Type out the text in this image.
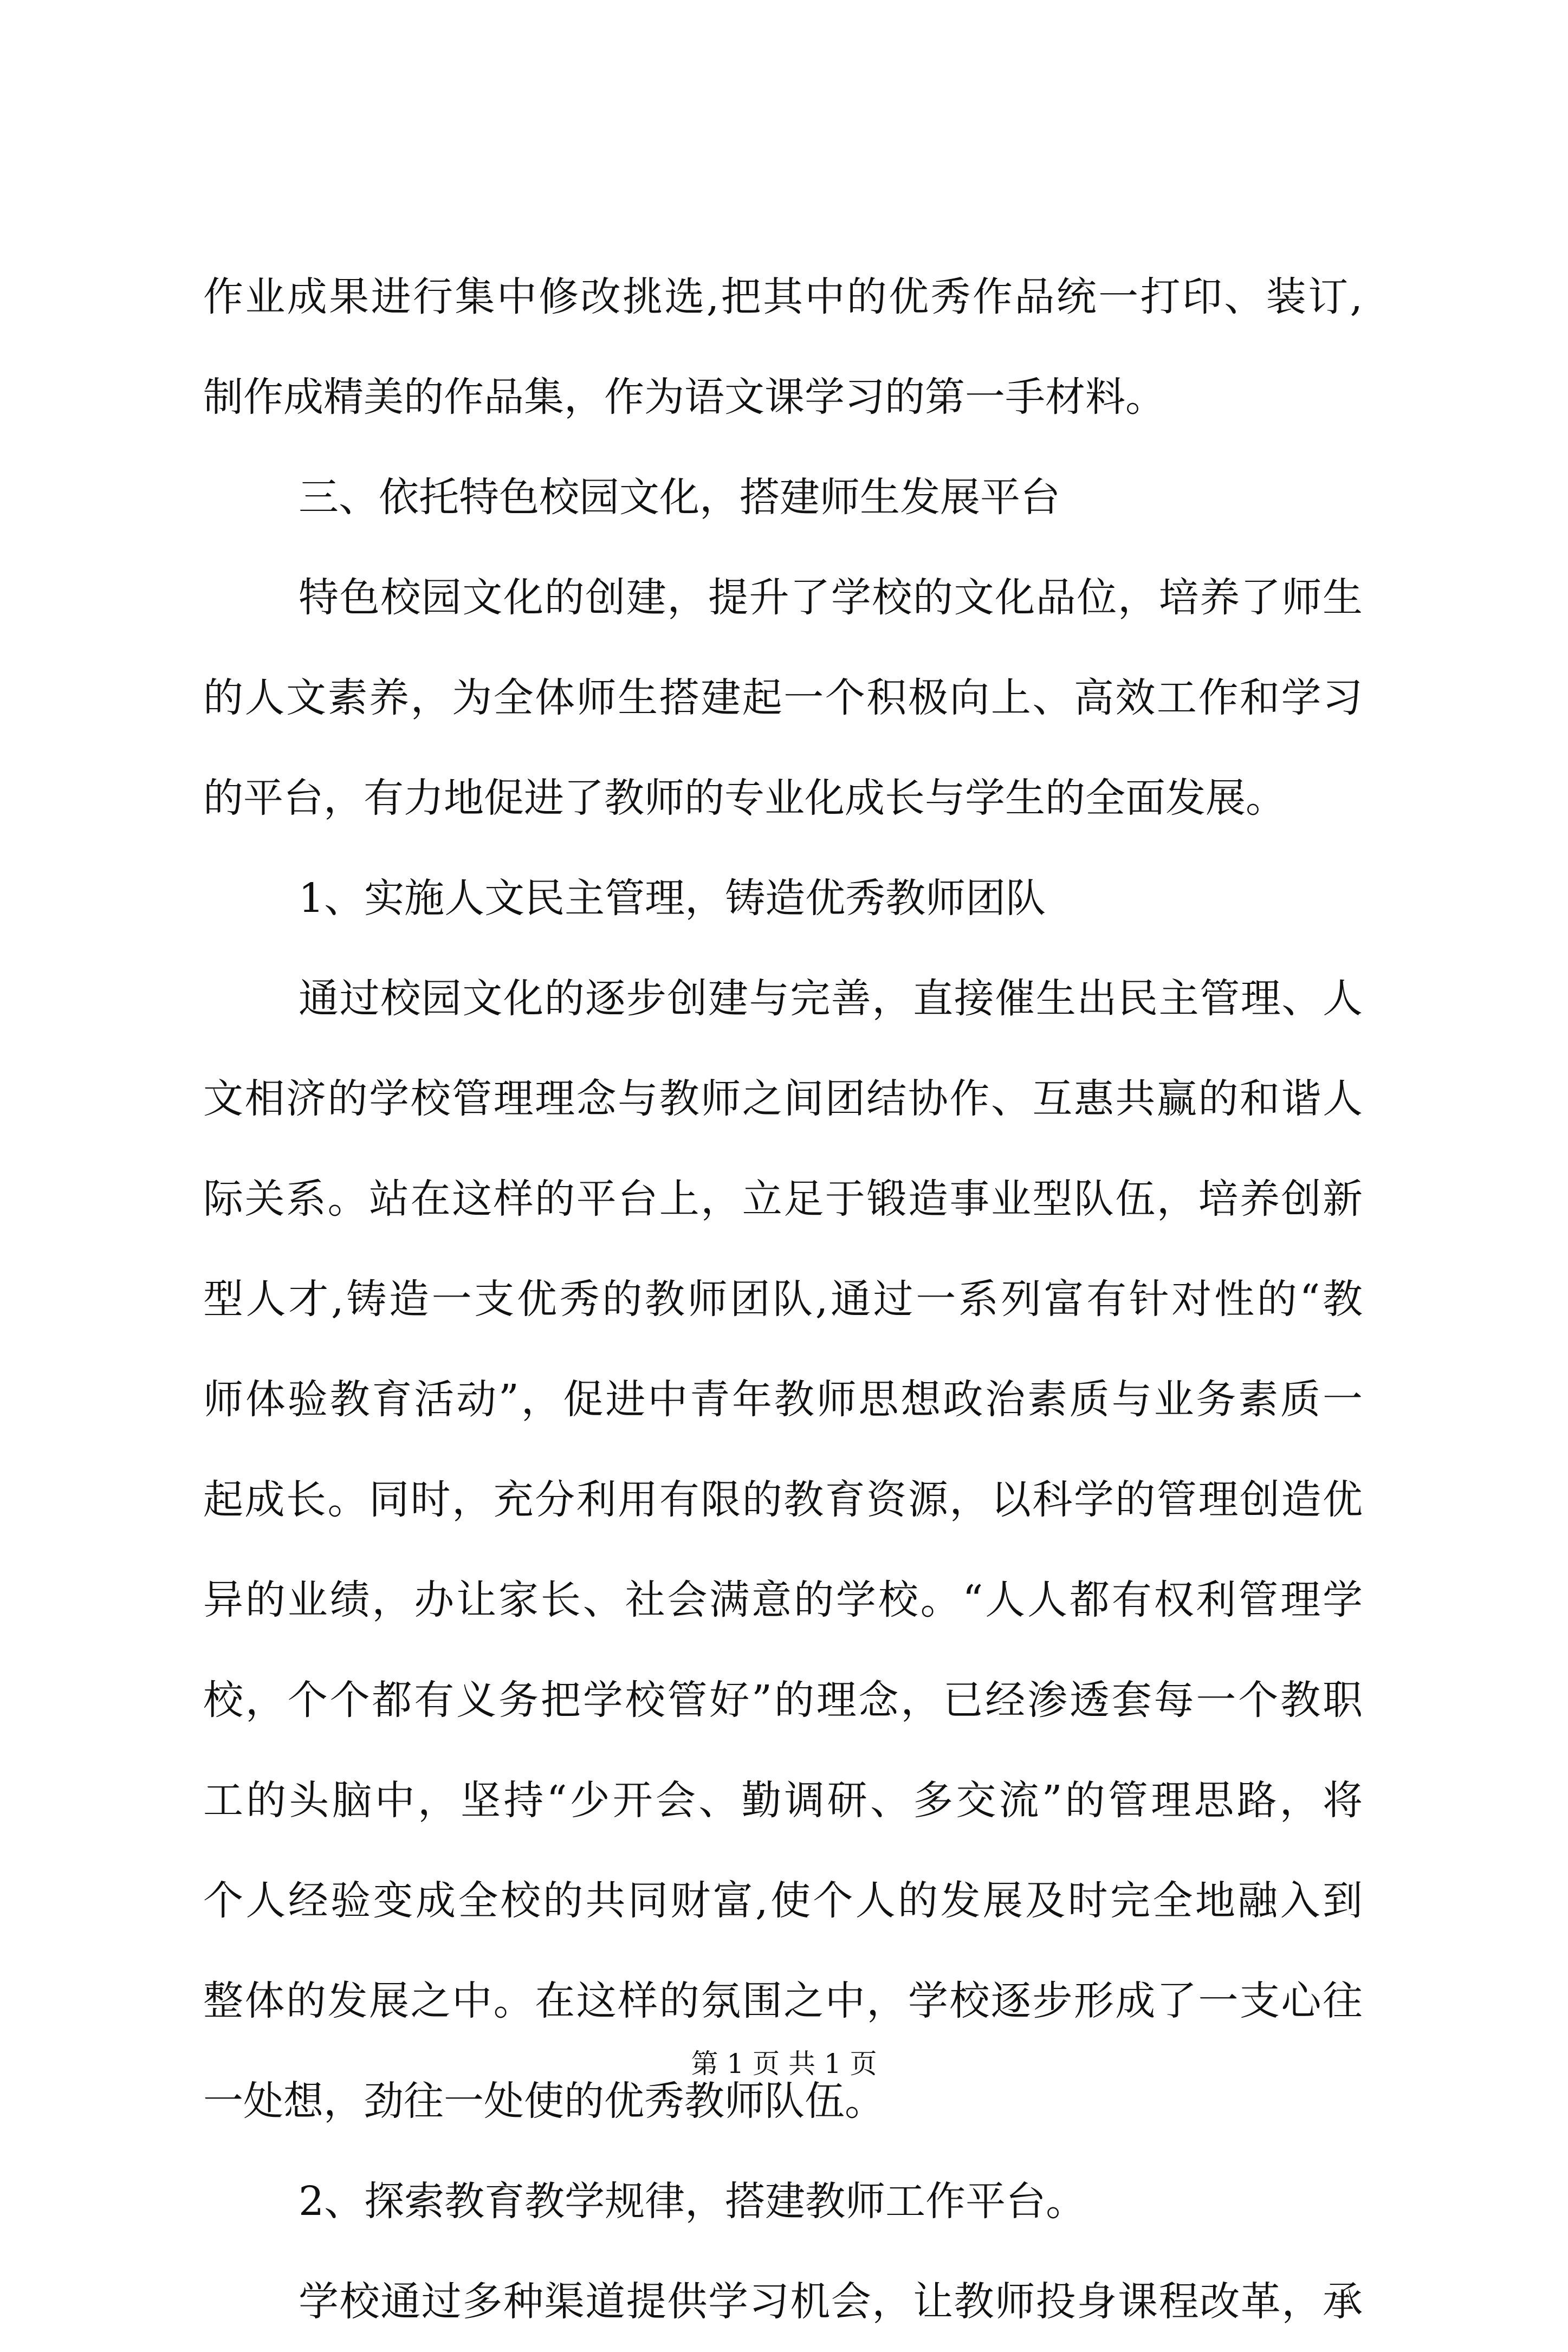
作业成果进行集中修改挑选,把其中的优秀作品统一打印、装订,
制作成精美的作品集，作为语文课学习的第一手材料。
三、依托特色校园文化，搭建师生发展平台
特色校园文化的创建，提升了学校的文化品位，培养了师生
的人文素养，为全体师生搭建起一个积极向上、高效工作和学习
的平台，有力地促进了教师的专业化成长与学生的全面发展。
1、实施人文民主管理，铸造优秀教师团队
通过校园文化的逐步创建与完善，直接催生出民主管理、人
文相济的学校管理理念与教师之间团结协作、互惠共赢的和谐人
际关系。站在这样的平台上，立足于锻造事业型队伍，培养创新
型人才,铸造一支优秀的教师团队,通过一系列富有针对性的“教
师体验教育活动”，促进中青年教师思想政治素质与业务素质一
起成长。同时，充分利用有限的教育资源，以科学的管理创造优
异的业绩，办让家长、社会满意的学校。“人人都有权利管理学
校，个个都有义务把学校管好”的理念，已经渗透套每一个教职
工的头脑中，坚持“少开会、勤调研、多交流”的管理思路，将
个人经验变成全校的共同财富,使个人的发展及时完全地融入到
整体的发展之中。在这样的氛围之中，学校逐步形成了一支心往
一处想，劲往一处使的优秀教师队伍。
2、探索教育教学规律，搭建教师工作平台。
学校通过多种渠道提供学习机会，让教师投身课程改革，承
第 1 页 共 1 页
